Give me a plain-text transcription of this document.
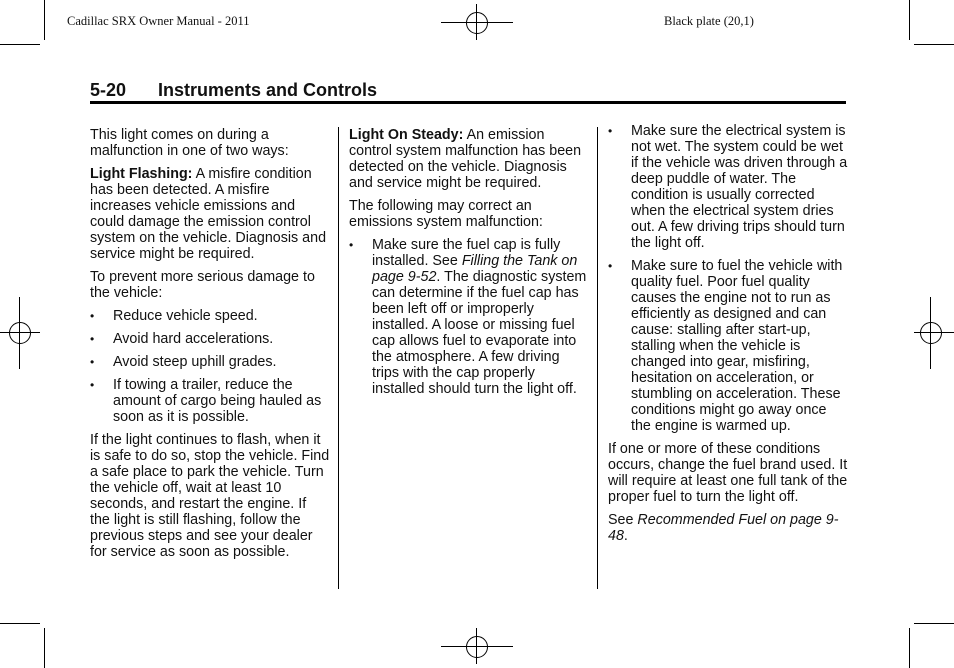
Cadillac SRX Owner Manual - 2011	Black plate (20,1)
5-20 Instruments and Controls

This light comes on during a malfunction in one of two ways:

Light Flashing: A misfire condition has been detected. A misfire increases vehicle emissions and could damage the emission control system on the vehicle. Diagnosis and service might be required.

To prevent more serious damage to the vehicle:

• Reduce vehicle speed.
• Avoid hard accelerations.
• Avoid steep uphill grades.
• If towing a trailer, reduce the amount of cargo being hauled as soon as it is possible.

If the light continues to flash, when it is safe to do so, stop the vehicle. Find a safe place to park the vehicle. Turn the vehicle off, wait at least 10 seconds, and restart the engine. If the light is still flashing, follow the previous steps and see your dealer for service as soon as possible.

Light On Steady: An emission control system malfunction has been detected on the vehicle. Diagnosis and service might be required.

The following may correct an emissions system malfunction:

• Make sure the fuel cap is fully installed. See Filling the Tank on page 9-52. The diagnostic system can determine if the fuel cap has been left off or improperly installed. A loose or missing fuel cap allows fuel to evaporate into the atmosphere. A few driving trips with the cap properly installed should turn the light off.
• Make sure the electrical system is not wet. The system could be wet if the vehicle was driven through a deep puddle of water. The condition is usually corrected when the electrical system dries out. A few driving trips should turn the light off.
• Make sure to fuel the vehicle with quality fuel. Poor fuel quality causes the engine not to run as efficiently as designed and can cause: stalling after start-up, stalling when the vehicle is changed into gear, misfiring, hesitation on acceleration, or stumbling on acceleration. These conditions might go away once the engine is warmed up.

If one or more of these conditions occurs, change the fuel brand used. It will require at least one full tank of the proper fuel to turn the light off.

See Recommended Fuel on page 9-48.
